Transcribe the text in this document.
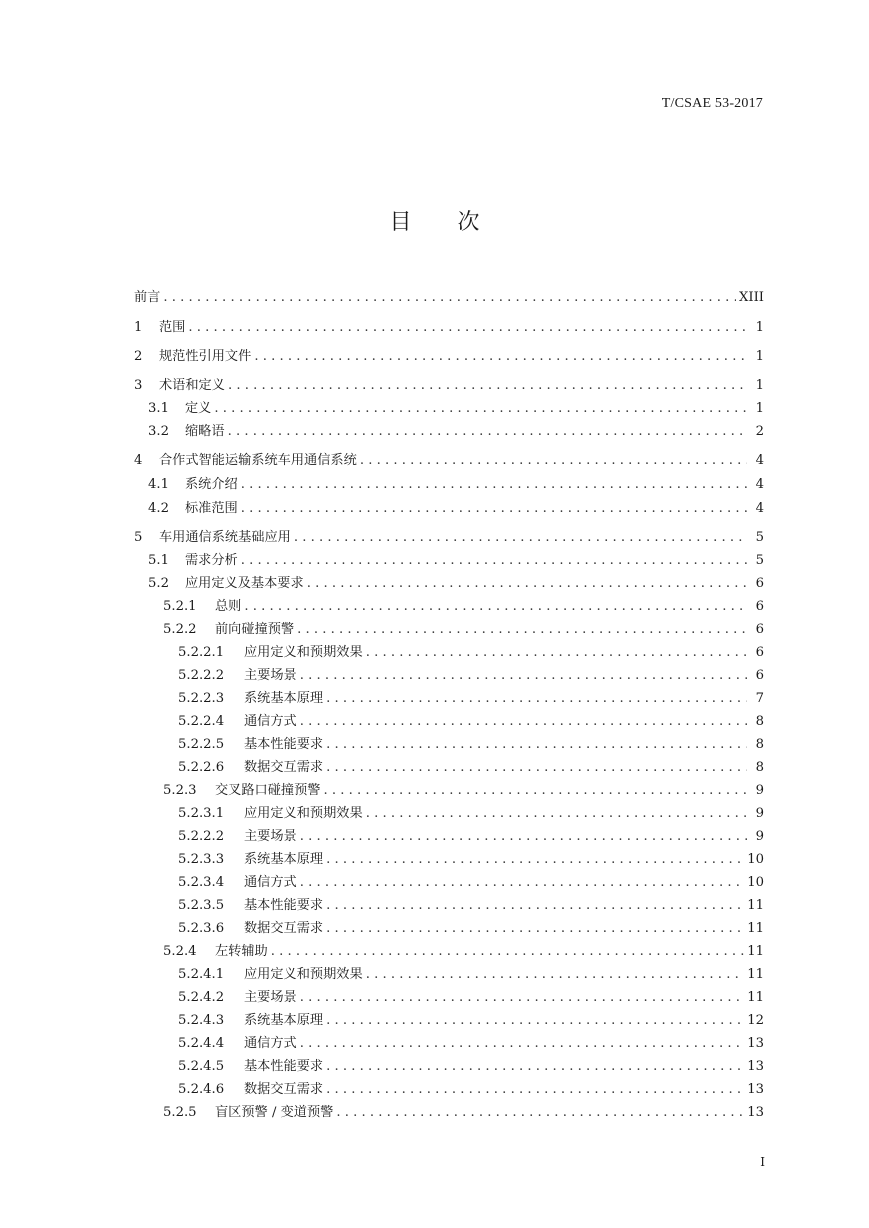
T/CSAE 53-2017
目 次
前言 . . .	XIII
1	范围 . . .	1
2	规范性引用文件 . . .	1
3	术语和定义 . . .	1
3.1	定义 . . .	1
3.2	缩略语 . . .	2
4	合作式智能运输系统车用通信系统 . . .	4
4.1	系统介绍 . . .	4
4.2	标准范围 . . .	4
5	车用通信系统基础应用 . . .	5
5.1	需求分析 . . .	5
5.2	应用定义及基本要求 . . .	6
5.2.1	总则 . . .	6
5.2.2	前向碰撞预警 . . .	6
5.2.2.1	应用定义和预期效果 . . .	6
5.2.2.2	主要场景 . . .	6
5.2.2.3	系统基本原理 . . .	7
5.2.2.4	通信方式 . . .	8
5.2.2.5	基本性能要求 . . .	8
5.2.2.6	数据交互需求 . . .	8
5.2.3	交叉路口碰撞预警 . . .	9
5.2.3.1	应用定义和预期效果 . . .	9
5.2.2.2	主要场景 . . .	9
5.2.3.3	系统基本原理 . . .	10
5.2.3.4	通信方式 . . .	10
5.2.3.5	基本性能要求 . . .	11
5.2.3.6	数据交互需求 . . .	11
5.2.4	左转辅助 . . .	11
5.2.4.1	应用定义和预期效果 . . .	11
5.2.4.2	主要场景 . . .	11
5.2.4.3	系统基本原理 . . .	12
5.2.4.4	通信方式 . . .	13
5.2.4.5	基本性能要求 . . .	13
5.2.4.6	数据交互需求 . . .	13
5.2.5	盲区预警 / 变道预警 . . .	13
I
